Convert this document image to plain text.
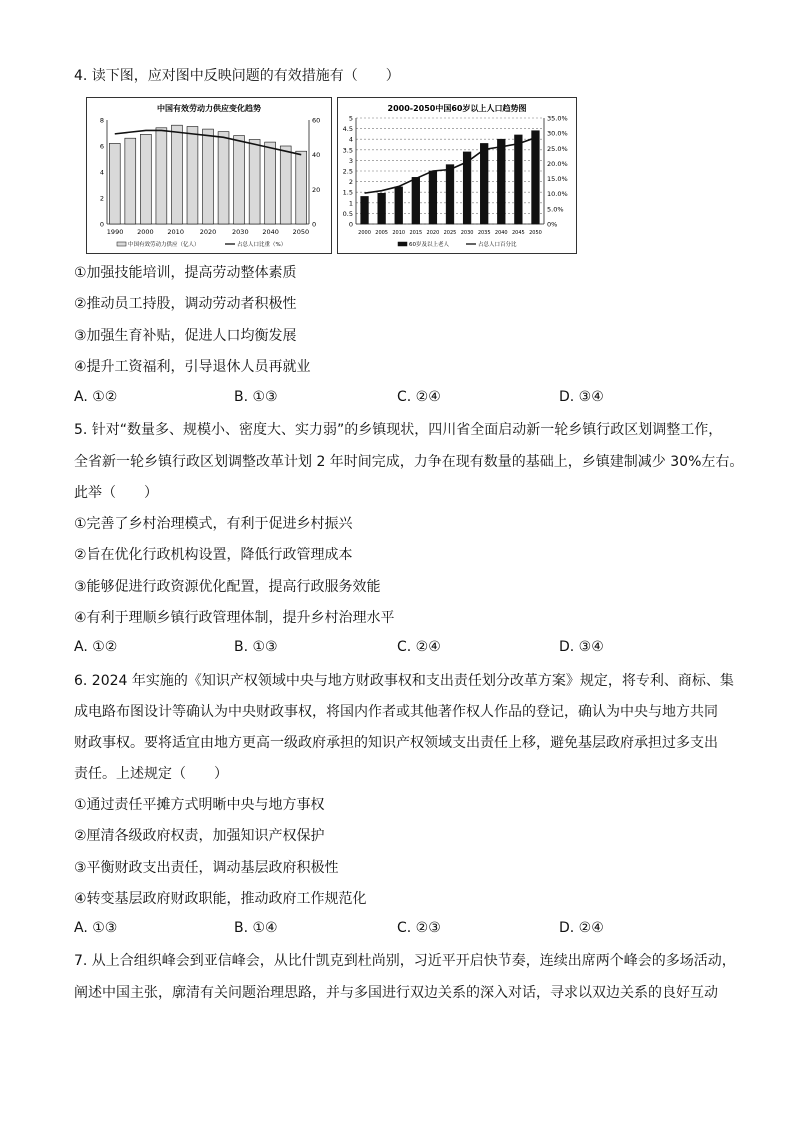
4. 读下图，应对图中反映问题的有效措施有（　　）
中国有效劳动力供应变化趋势
0
2
4
6
8
0
20
40
60
1990 2000 2010 2020 2030 2040 2050
中国有效劳动力供应（亿人）	占总人口比重（%）
2000-2050中国60岁以上人口趋势图
0
0.5
1
1.5
2
2.5
3
3.5
4
4.5
5
0%
5.0%
10.0%
15.0%
20.0%
25.0%
30.0%
35.0%
2000 2005 2010 2015 2020 2025 2030 2035 2040 2045 2050
60岁及以上老人	占总人口百分比
①加强技能培训，提高劳动整体素质
②推动员工持股，调动劳动者积极性
③加强生育补贴，促进人口均衡发展
④提升工资福利，引导退休人员再就业
A. ①②	B. ①③	C. ②④	D. ③④
5. 针对“数量多、规模小、密度大、实力弱”的乡镇现状，四川省全面启动新一轮乡镇行政区划调整工作，
全省新一轮乡镇行政区划调整改革计划 2 年时间完成，力争在现有数量的基础上，乡镇建制减少 30%左右。
此举（　　）
①完善了乡村治理模式，有利于促进乡村振兴
②旨在优化行政机构设置，降低行政管理成本
③能够促进行政资源优化配置，提高行政服务效能
④有利于理顺乡镇行政管理体制，提升乡村治理水平
A. ①②	B. ①③	C. ②④	D. ③④
6. 2024 年实施的《知识产权领域中央与地方财政事权和支出责任划分改革方案》规定，将专利、商标、集
成电路布图设计等确认为中央财政事权，将国内作者或其他著作权人作品的登记，确认为中央与地方共同
财政事权。要将适宜由地方更高一级政府承担的知识产权领域支出责任上移，避免基层政府承担过多支出
责任。上述规定（　　）
①通过责任平摊方式明晰中央与地方事权
②厘清各级政府权责，加强知识产权保护
③平衡财政支出责任，调动基层政府积极性
④转变基层政府财政职能，推动政府工作规范化
A. ①③	B. ①④	C. ②③	D. ②④
7. 从上合组织峰会到亚信峰会，从比什凯克到杜尚别，习近平开启快节奏，连续出席两个峰会的多场活动，
阐述中国主张，廓清有关问题治理思路，并与多国进行双边关系的深入对话，寻求以双边关系的良好互动
